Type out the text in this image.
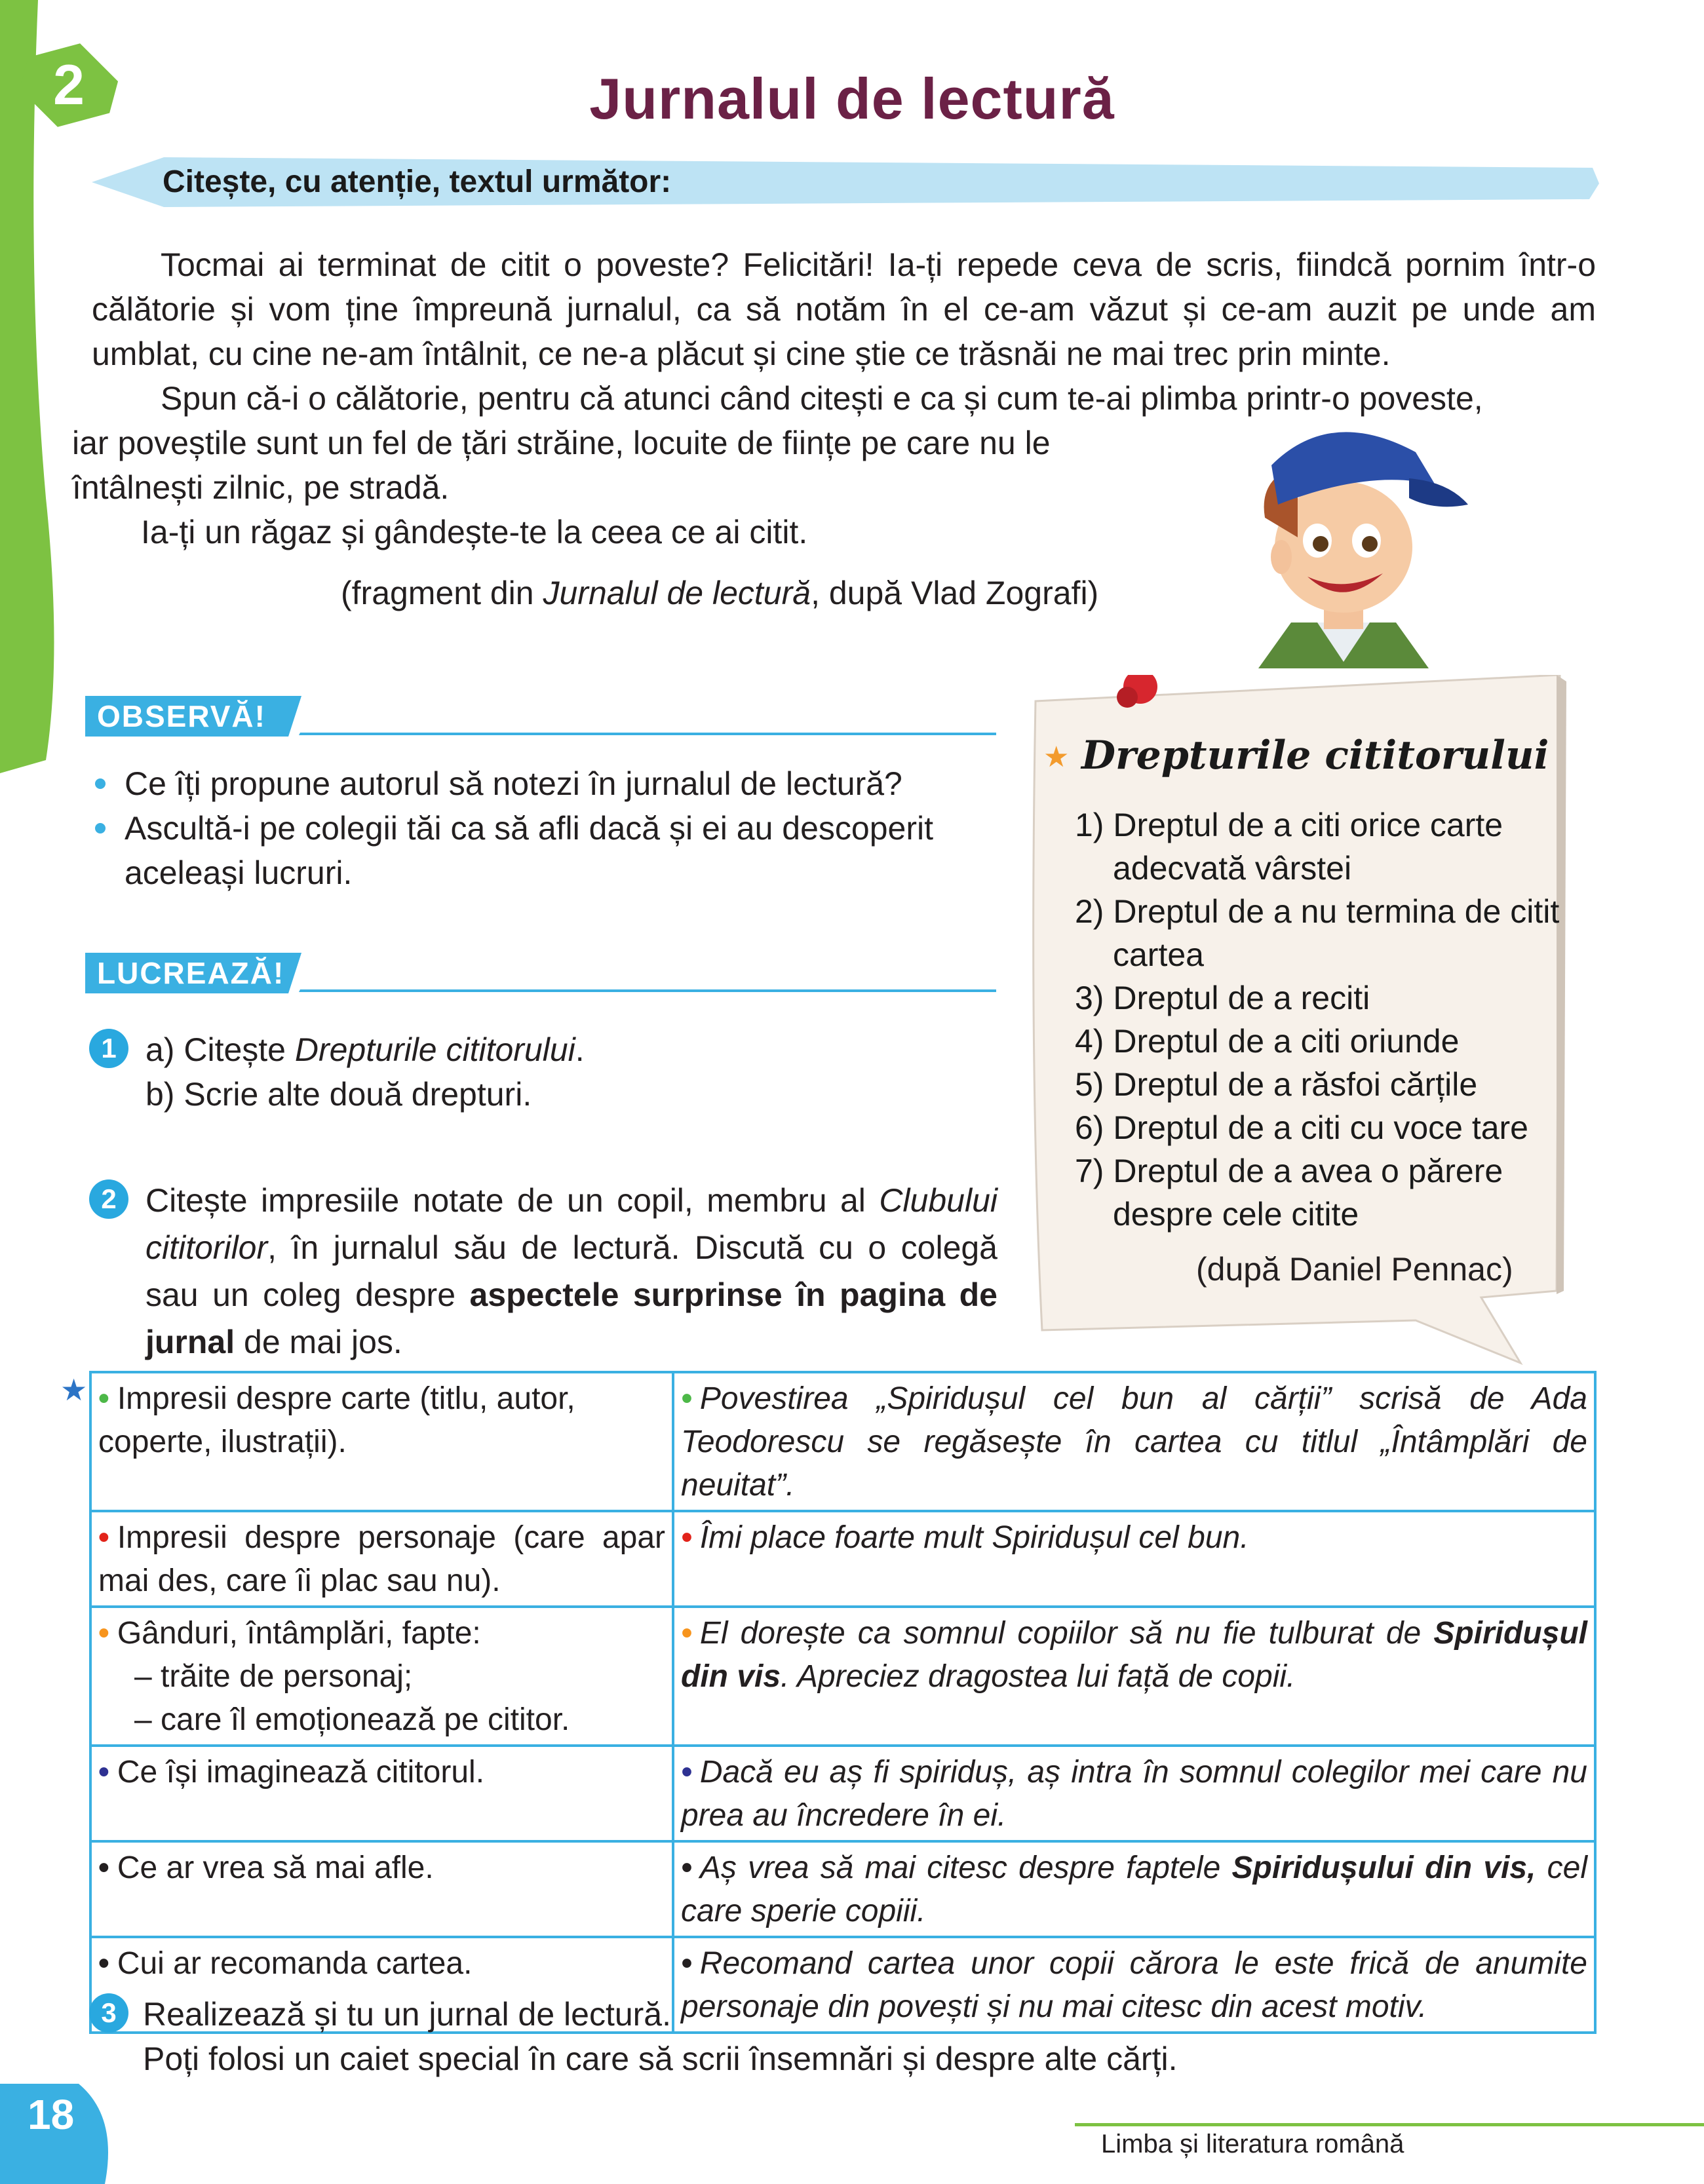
2	Jurnalul de lectură
Citește, cu atenție, textul următor:
Tocmai ai terminat de citit o poveste? Felicitări! Ia-ți repede ceva de scris, fiindcă pornim într-o călătorie și vom ține împreună jurnalul, ca să notăm în el ce-am văzut și ce-am auzit pe unde am umblat, cu cine ne-am întâlnit, ce ne-a plăcut și cine știe ce trăsnăi ne mai trec prin minte.
Spun că-i o călătorie, pentru că atunci când citești e ca și cum te-ai plimba printr-o poveste,
iar poveștile sunt un fel de țări străine, locuite de ființe pe care nu le
întâlnești zilnic, pe stradă.
Ia-ți un răgaz și gândește-te la ceea ce ai citit.
(fragment din Jurnalul de lectură, după Vlad Zografi)
OBSERVĂ!
Ce îți propune autorul să notezi în jurnalul de lectură?
Ascultă-i pe colegii tăi ca să afli dacă și ei au descoperit aceleași lucruri.
LUCREAZĂ!
1 a) Citește Drepturile cititorului.
b) Scrie alte două drepturi.
2 Citește impresiile notate de un copil, membru al Clubului cititorilor, în jurnalul său de lectură. Discută cu o colegă sau un coleg despre aspectele surprinse în pagina de jurnal de mai jos.
★ Drepturile cititorului
1) Dreptul de a citi orice carte adecvată vârstei
2) Dreptul de a nu termina de citit cartea
3) Dreptul de a reciti
4) Dreptul de a citi oriunde
5) Dreptul de a răsfoi cărțile
6) Dreptul de a citi cu voce tare
7) Dreptul de a avea o părere despre cele citite
(după Daniel Pennac)
★ • Impresii despre carte (titlu, autor, coperte, ilustrații).	• Povestirea „Spiridușul cel bun al cărții” scrisă de Ada Teodorescu se regăsește în cartea cu titlul „Întâmplări de neuitat”.
• Impresii despre personaje (care apar mai des, care îi plac sau nu).	• Îmi place foarte mult Spiridușul cel bun.
• Gânduri, întâmplări, fapte:
– trăite de personaj;
– care îl emoționează pe cititor.	• El dorește ca somnul copiilor să nu fie tulburat de Spiridușul din vis. Apreciez dragostea lui față de copii.
• Ce își imaginează cititorul.	• Dacă eu aș fi spiriduș, aș intra în somnul colegilor mei care nu prea au încredere în ei.
• Ce ar vrea să mai afle.	• Aș vrea să mai citesc despre faptele Spiridușului din vis, cel care sperie copiii.
• Cui ar recomanda cartea.	• Recomand cartea unor copii cărora le este frică de anumite personaje din povești și nu mai citesc din acest motiv.
3 Realizează și tu un jurnal de lectură.
Poți folosi un caiet special în care să scrii însemnări și despre alte cărți.
18
Limba și literatura română
